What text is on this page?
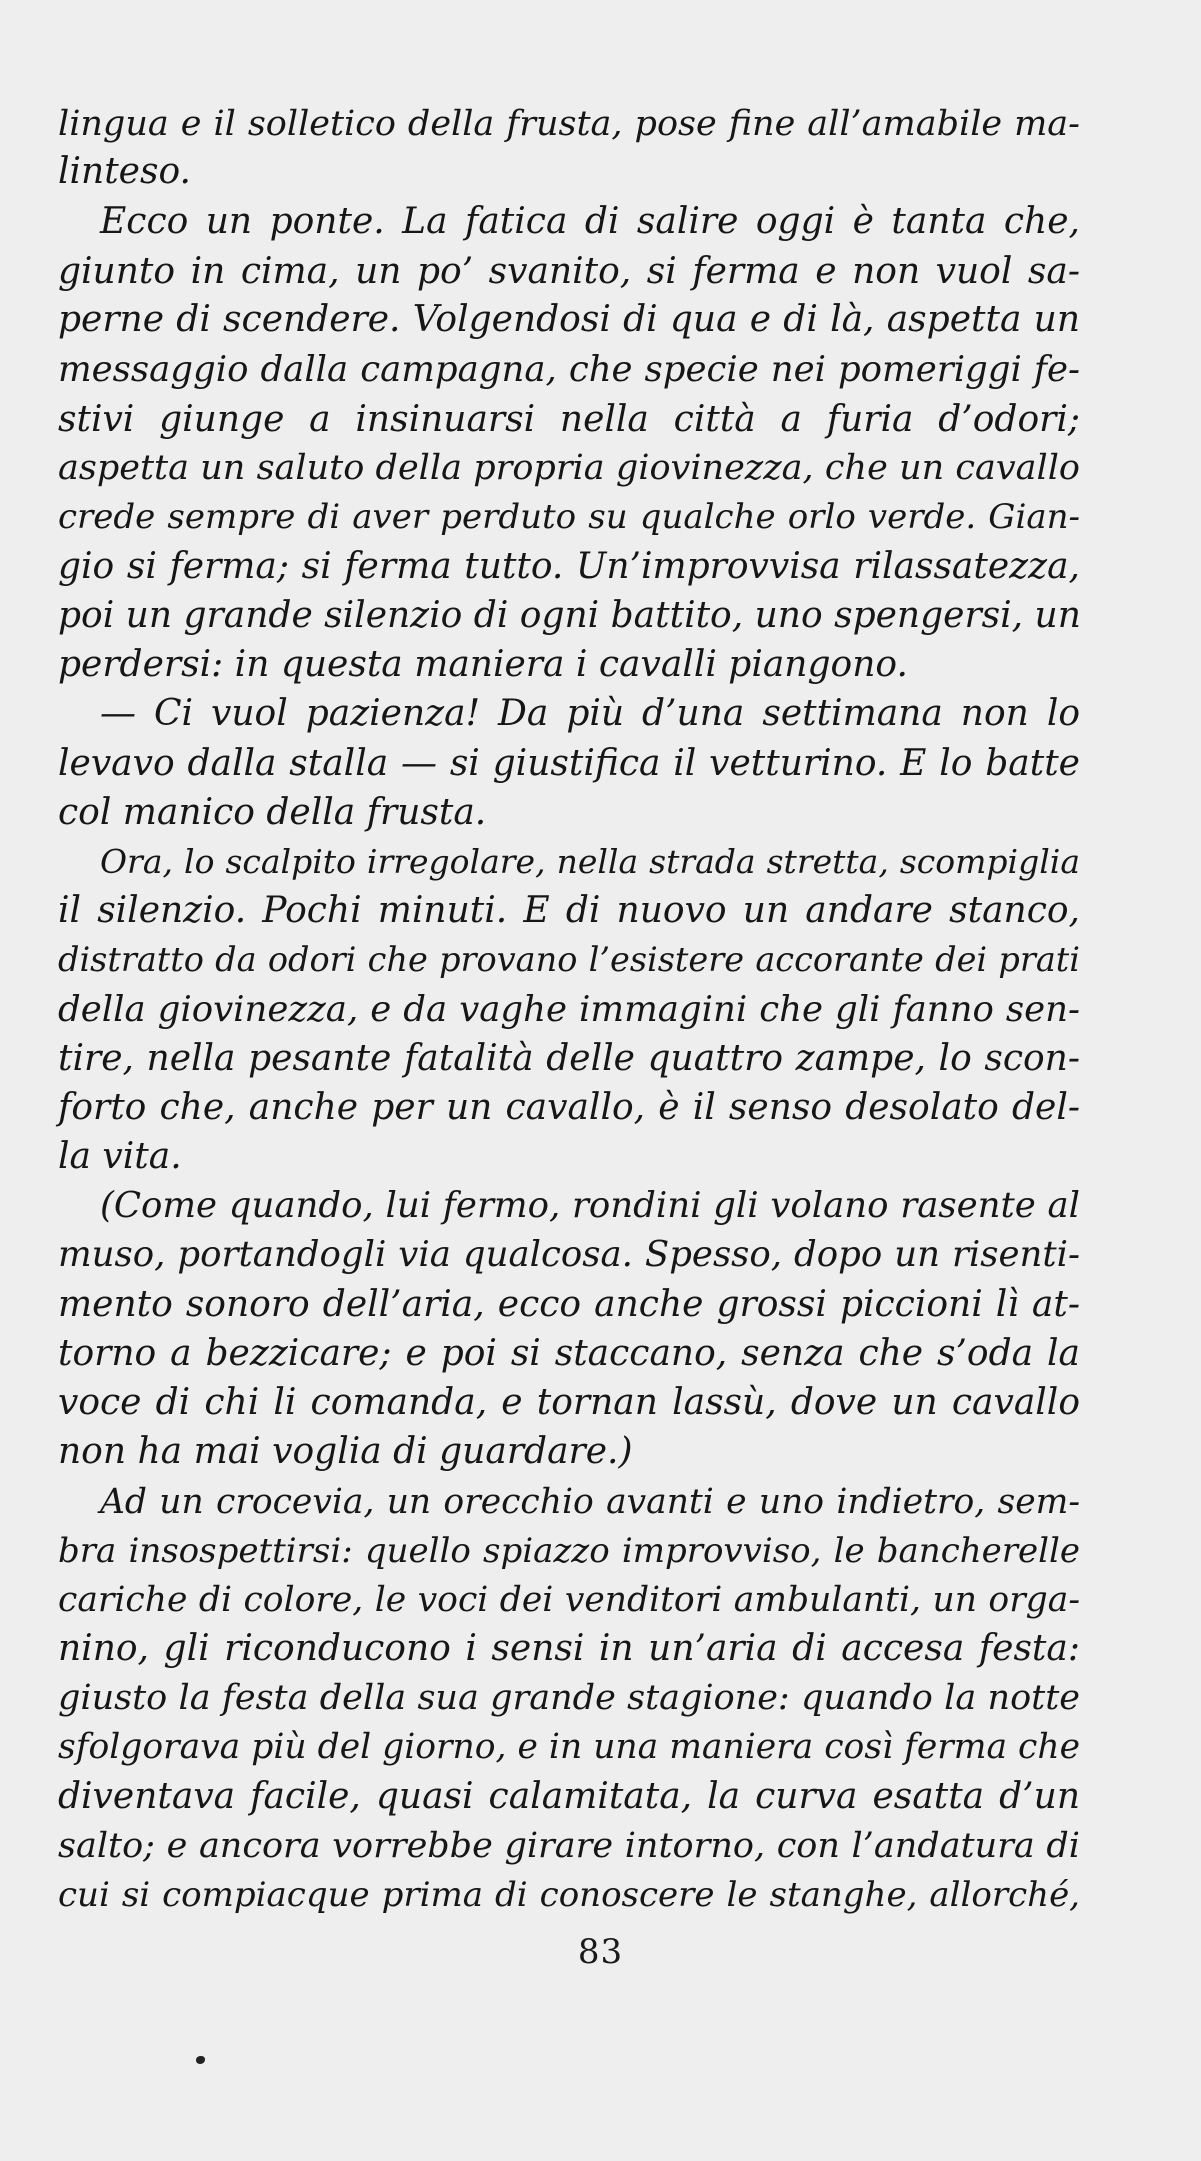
lingua e il solletico della frusta, pose fine all’amabile ma-
linteso.
Ecco un ponte. La fatica di salire oggi è tanta che,
giunto in cima, un po’ svanito, si ferma e non vuol sa-
perne di scendere. Volgendosi di qua e di là, aspetta un
messaggio dalla campagna, che specie nei pomeriggi fe-
stivi giunge a insinuarsi nella città a furia d’odori;
aspetta un saluto della propria giovinezza, che un cavallo
crede sempre di aver perduto su qualche orlo verde. Gian-
gio si ferma; si ferma tutto. Un’improvvisa rilassatezza,
poi un grande silenzio di ogni battito, uno spengersi, un
perdersi: in questa maniera i cavalli piangono.
— Ci vuol pazienza! Da più d’una settimana non lo
levavo dalla stalla — si giustifica il vetturino. E lo batte
col manico della frusta.
Ora, lo scalpito irregolare, nella strada stretta, scompiglia
il silenzio. Pochi minuti. E di nuovo un andare stanco,
distratto da odori che provano l’esistere accorante dei prati
della giovinezza, e da vaghe immagini che gli fanno sen-
tire, nella pesante fatalità delle quattro zampe, lo scon-
forto che, anche per un cavallo, è il senso desolato del-
la vita.
(Come quando, lui fermo, rondini gli volano rasente al
muso, portandogli via qualcosa. Spesso, dopo un risenti-
mento sonoro dell’aria, ecco anche grossi piccioni lì at-
torno a bezzicare; e poi si staccano, senza che s’oda la
voce di chi li comanda, e tornan lassù, dove un cavallo
non ha mai voglia di guardare.)
Ad un crocevia, un orecchio avanti e uno indietro, sem-
bra insospettirsi: quello spiazzo improvviso, le bancherelle
cariche di colore, le voci dei venditori ambulanti, un orga-
nino, gli riconducono i sensi in un’aria di accesa festa:
giusto la festa della sua grande stagione: quando la notte
sfolgorava più del giorno, e in una maniera così ferma che
diventava facile, quasi calamitata, la curva esatta d’un
salto; e ancora vorrebbe girare intorno, con l’andatura di
cui si compiacque prima di conoscere le stanghe, allorché,
83
